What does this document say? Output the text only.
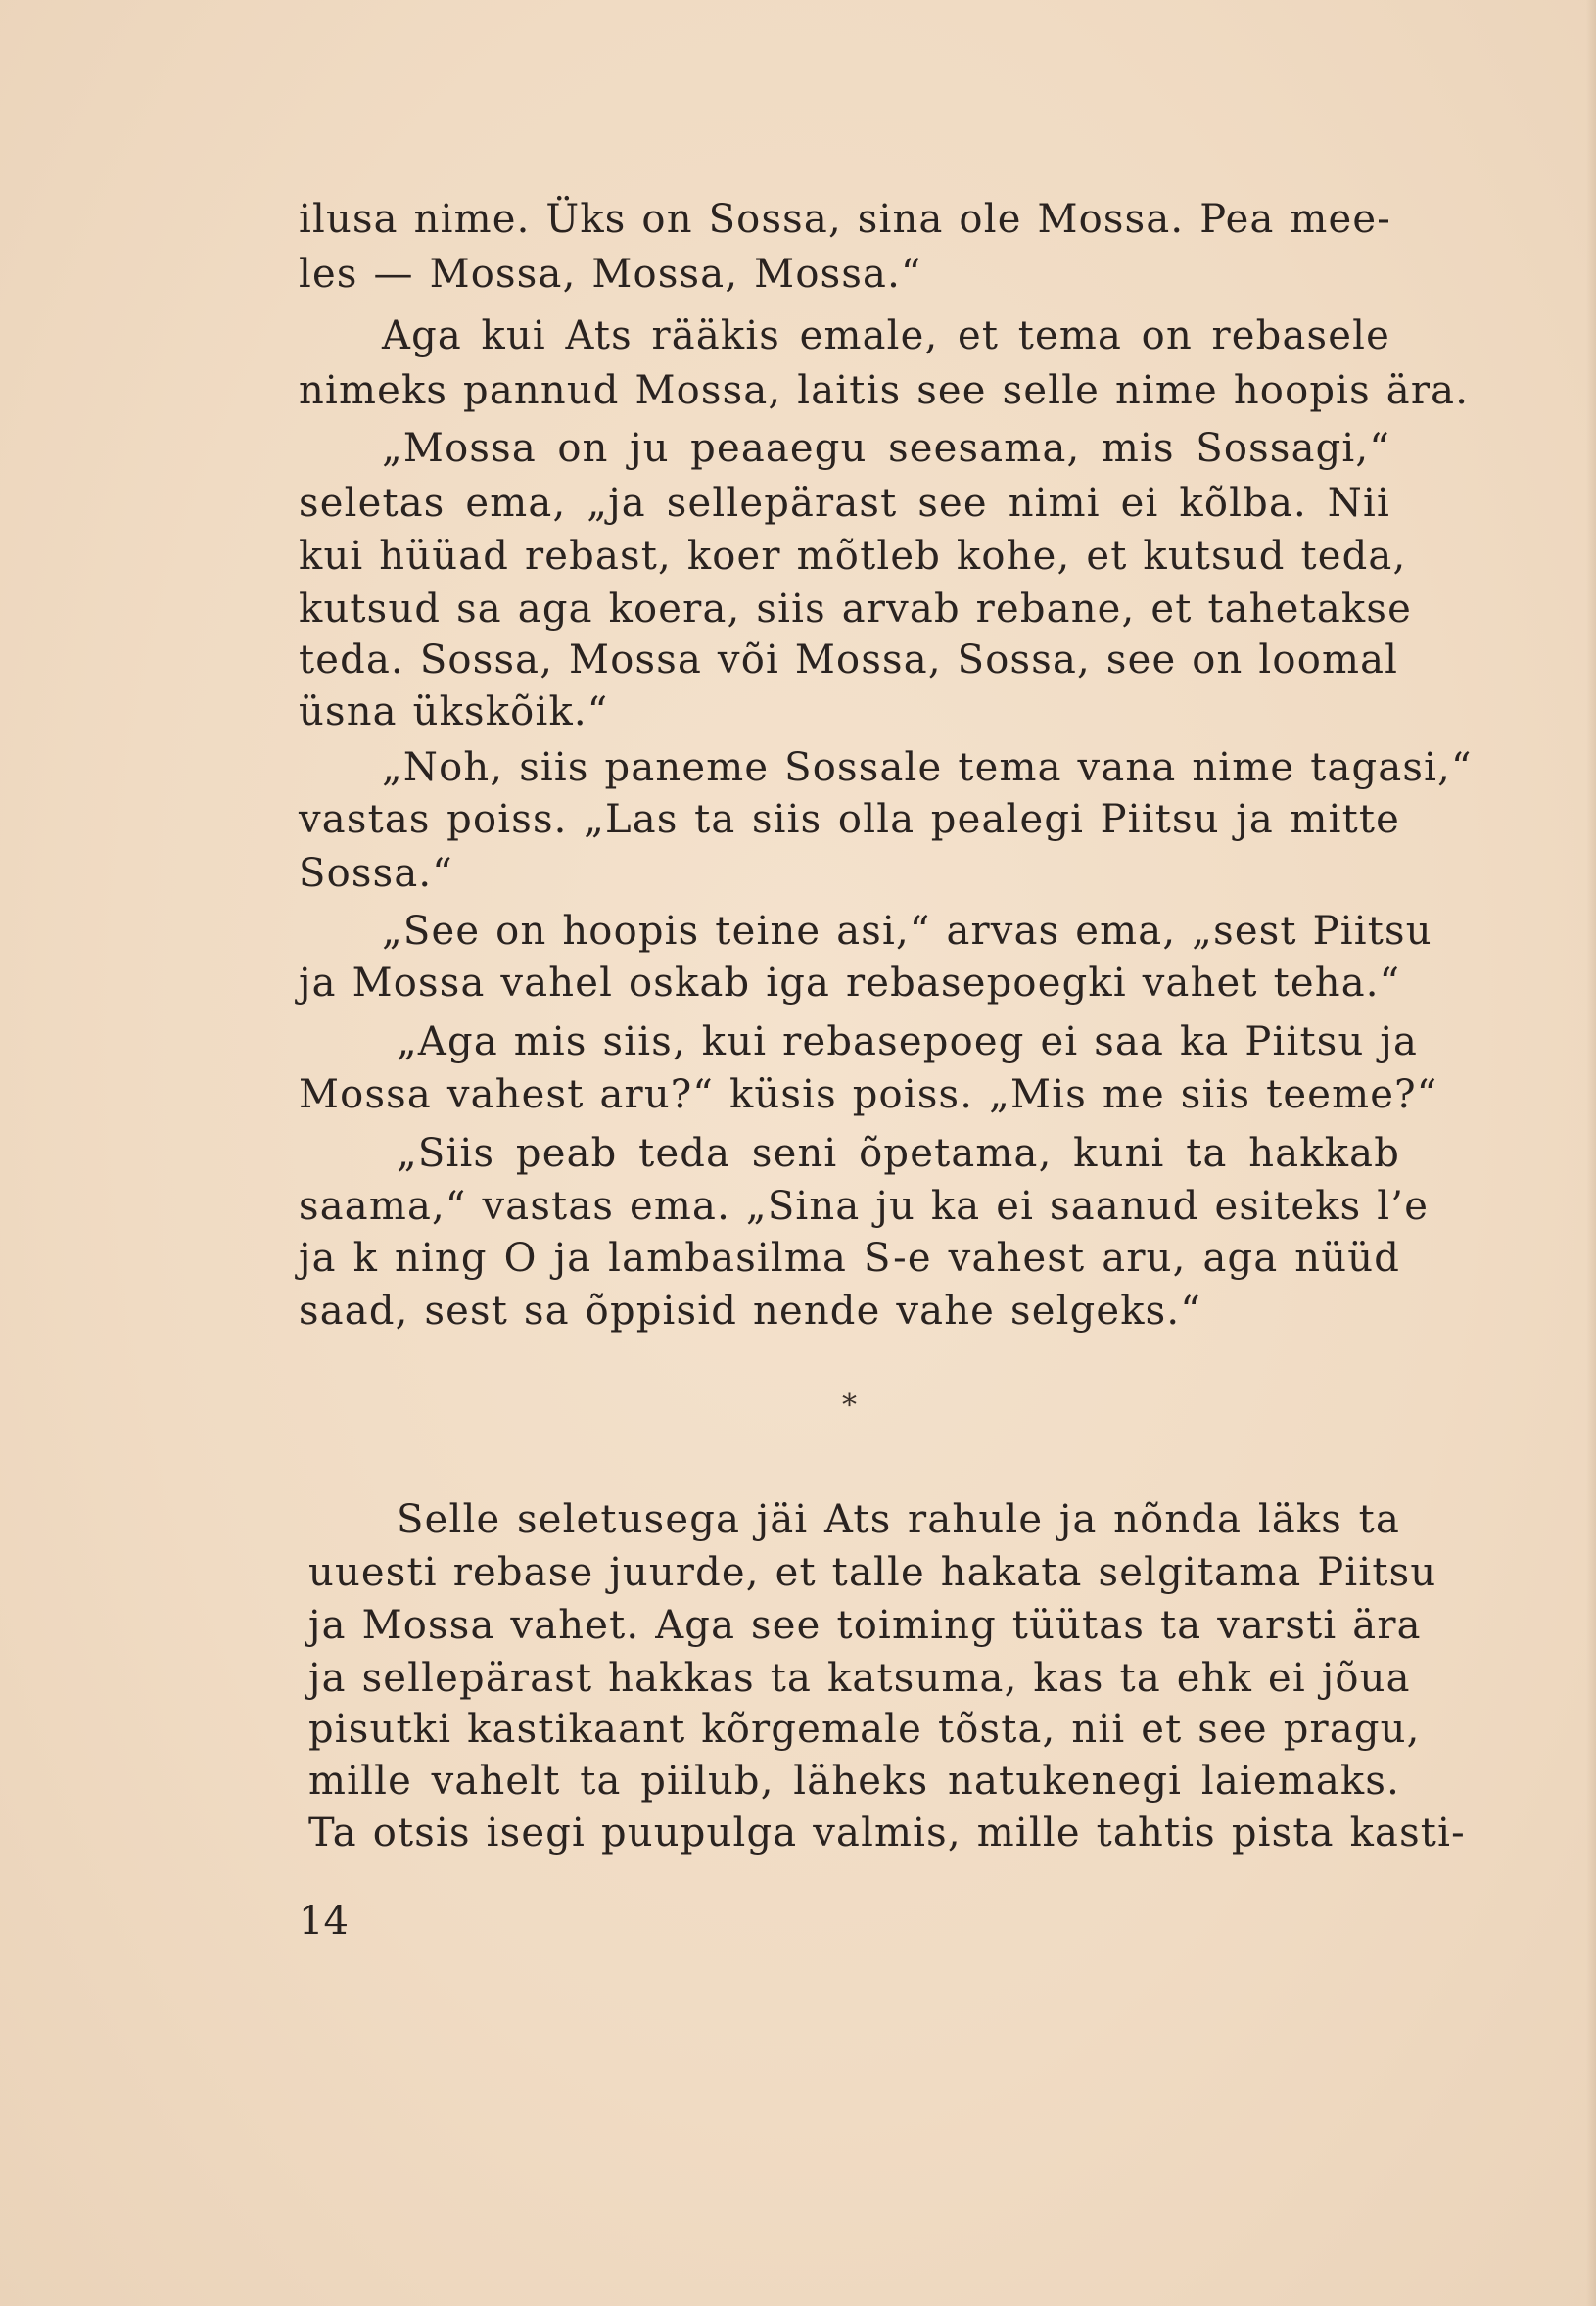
ilusa nime. Üks on Sossa, sina ole Mossa. Pea mee-
les — Mossa, Mossa, Mossa.“
Aga kui Ats rääkis emale, et tema on rebasele
nimeks pannud Mossa, laitis see selle nime hoopis ära.
„Mossa on ju peaaegu seesama, mis Sossagi,“
seletas ema, „ja sellepärast see nimi ei kõlba. Nii
kui hüüad rebast, koer mõtleb kohe, et kutsud teda,
kutsud sa aga koera, siis arvab rebane, et tahetakse
teda. Sossa, Mossa või Mossa, Sossa, see on loomal
üsna ükskõik.“
„Noh, siis paneme Sossale tema vana nime tagasi,“
vastas poiss. „Las ta siis olla pealegi Piitsu ja mitte
Sossa.“
„See on hoopis teine asi,“ arvas ema, „sest Piitsu
ja Mossa vahel oskab iga rebasepoegki vahet teha.“
„Aga mis siis, kui rebasepoeg ei saa ka Piitsu ja
Mossa vahest aru?“ küsis poiss. „Mis me siis teeme?“
„Siis peab teda seni õpetama, kuni ta hakkab
saama,“ vastas ema. „Sina ju ka ei saanud esiteks l’e
ja k ning O ja lambasilma S-e vahest aru, aga nüüd
saad, sest sa õppisid nende vahe selgeks.“
*
Selle seletusega jäi Ats rahule ja nõnda läks ta
uuesti rebase juurde, et talle hakata selgitama Piitsu
ja Mossa vahet. Aga see toiming tüütas ta varsti ära
ja sellepärast hakkas ta katsuma, kas ta ehk ei jõua
pisutki kastikaant kõrgemale tõsta, nii et see pragu,
mille vahelt ta piilub, läheks natukenegi laiemaks.
Ta otsis isegi puupulga valmis, mille tahtis pista kasti-
14
